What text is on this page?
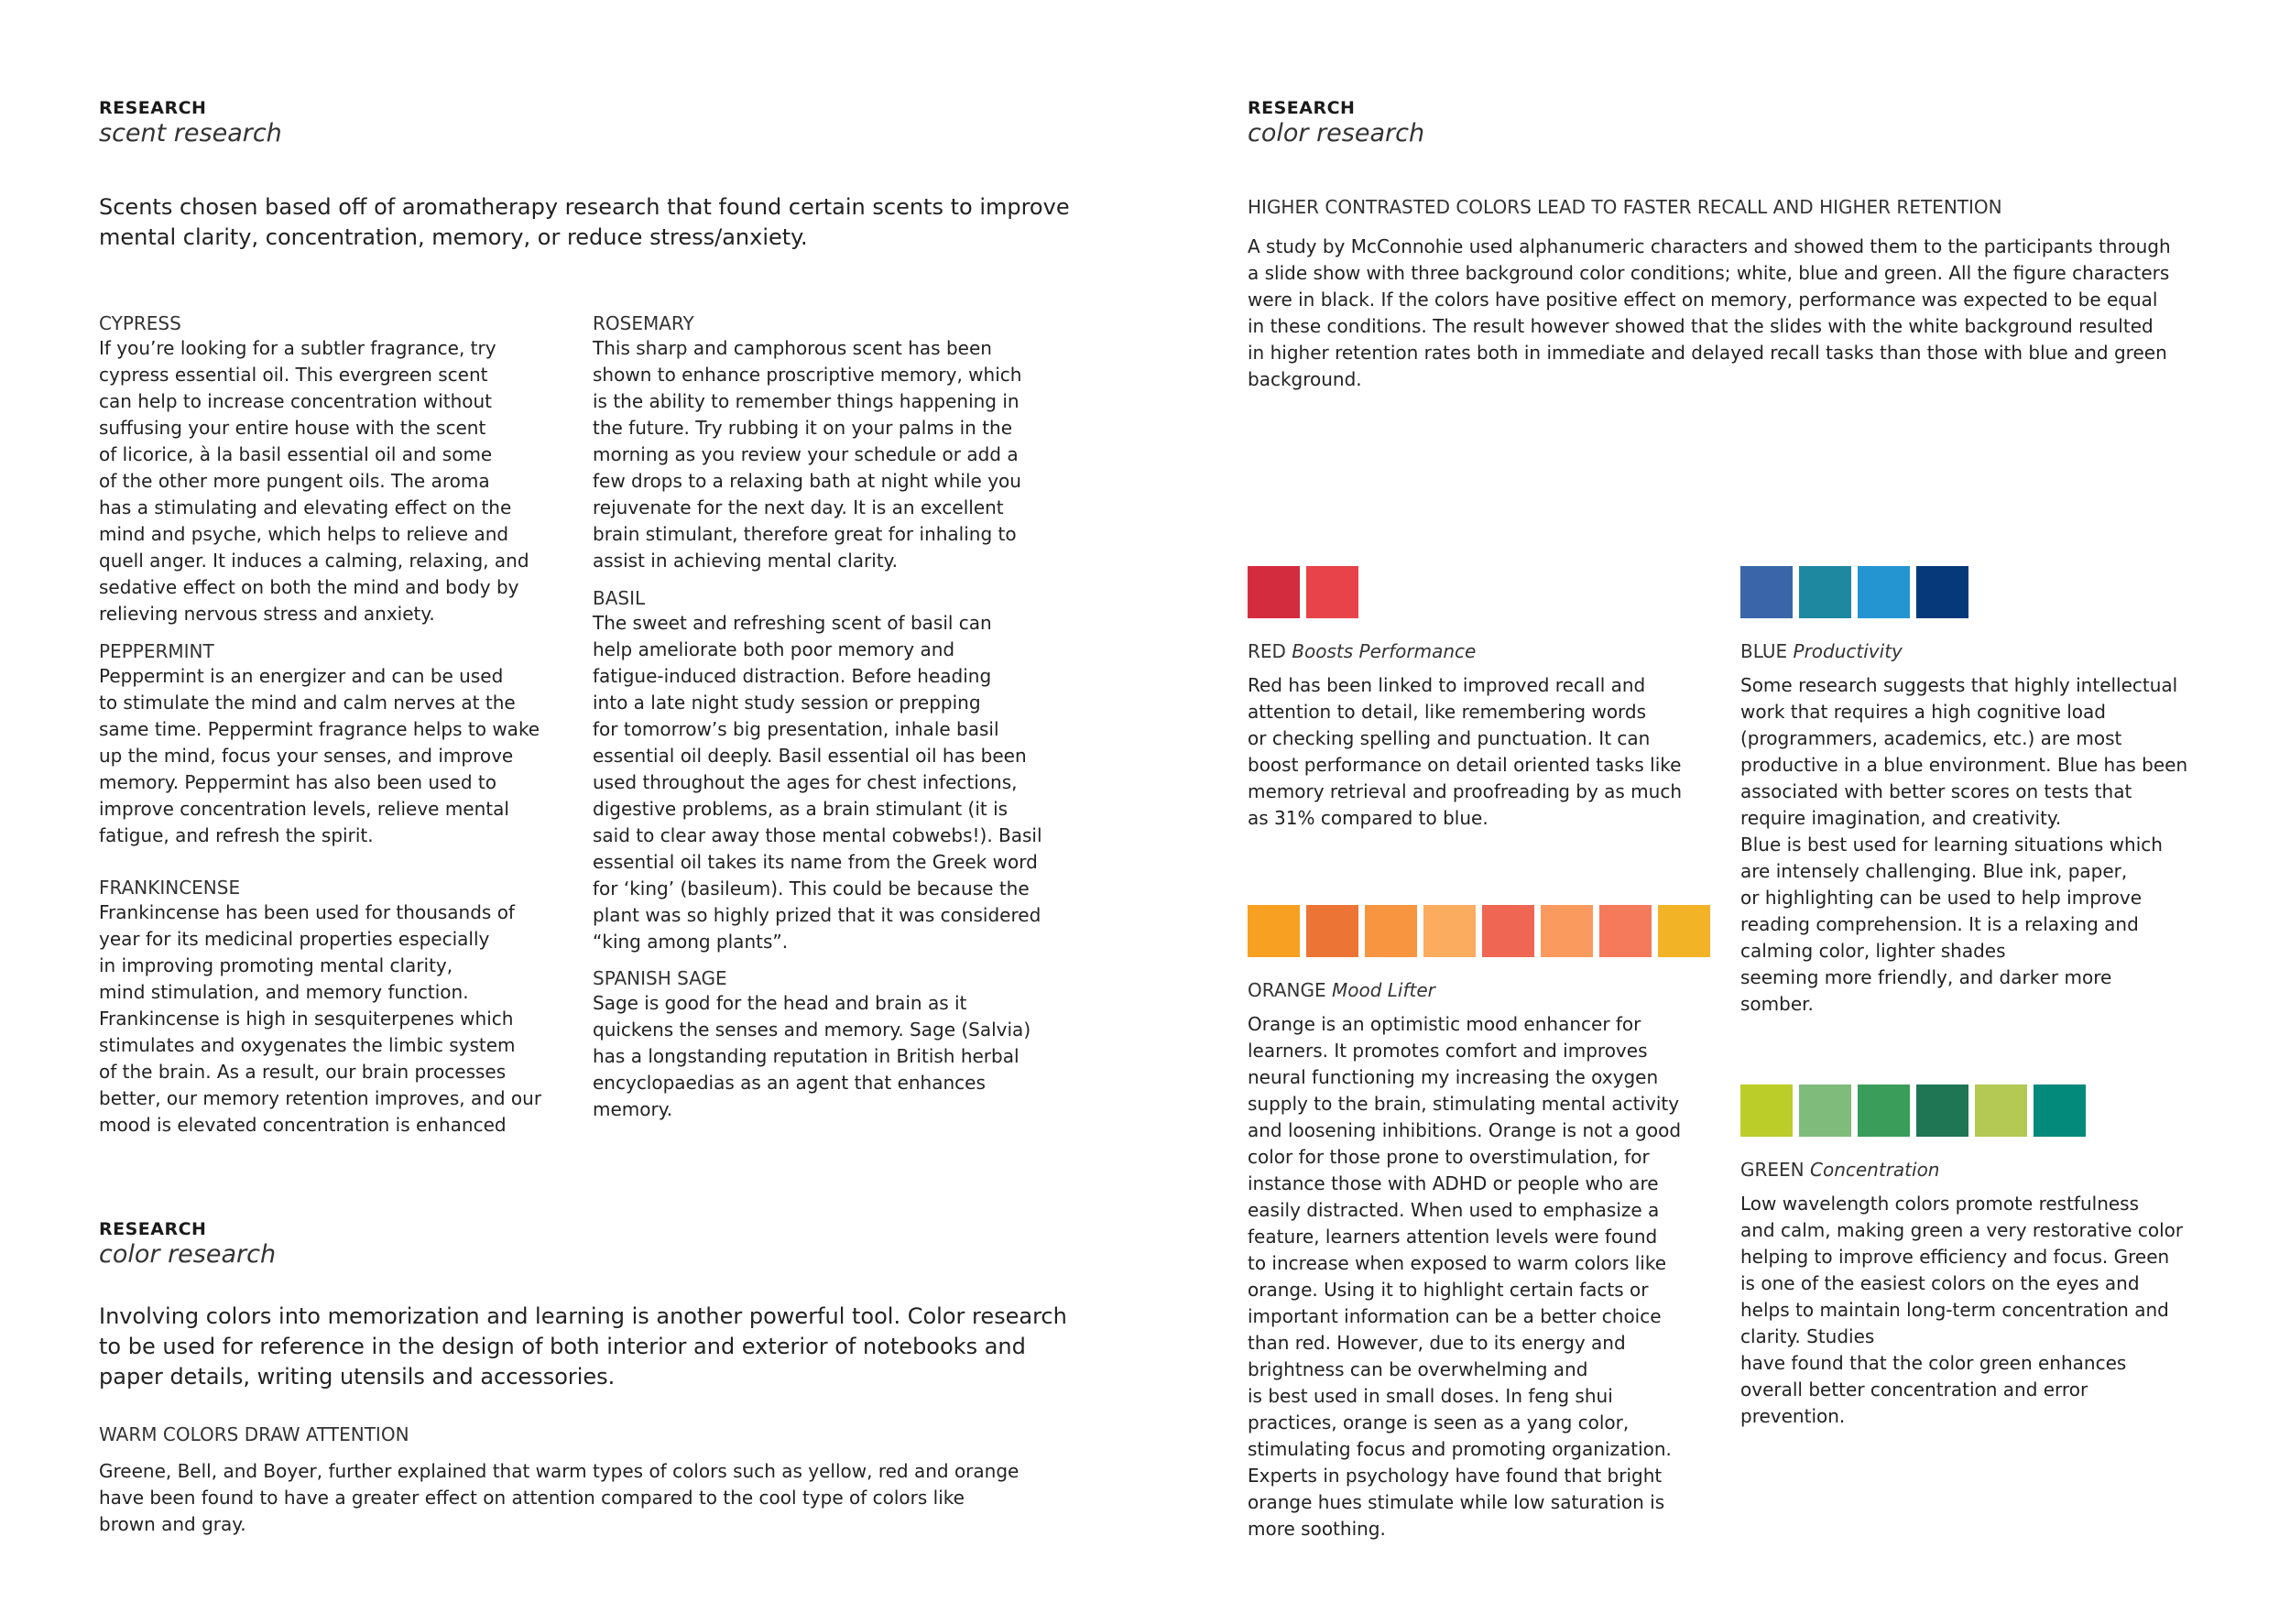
RESEARCH
scent research
Scents chosen based off of aromatherapy research that found certain scents to improve mental clarity, concentration, memory, or reduce stress/anxiety.
CYPRESS
If you’re looking for a subtler fragrance, try
cypress essential oil. This evergreen scent
can help to increase concentration without
suffusing your entire house with the scent
of licorice, à la basil essential oil and some
of the other more pungent oils. The aroma
has a stimulating and elevating effect on the
mind and psyche, which helps to relieve and
quell anger. It induces a calming, relaxing, and
sedative effect on both the mind and body by
relieving nervous stress and anxiety.
PEPPERMINT
Peppermint is an energizer and can be used
to stimulate the mind and calm nerves at the
same time. Peppermint fragrance helps to wake
up the mind, focus your senses, and improve
memory. Peppermint has also been used to
improve concentration levels, relieve mental
fatigue, and refresh the spirit.
FRANKINCENSE
Frankincense has been used for thousands of
year for its medicinal properties especially
in improving promoting mental clarity,
mind stimulation, and memory function.
Frankincense is high in sesquiterpenes which
stimulates and oxygenates the limbic system
of the brain. As a result, our brain processes
better, our memory retention improves, and our
mood is elevated concentration is enhanced
ROSEMARY
This sharp and camphorous scent has been
shown to enhance proscriptive memory, which
is the ability to remember things happening in
the future. Try rubbing it on your palms in the
morning as you review your schedule or add a
few drops to a relaxing bath at night while you
rejuvenate for the next day. It is an excellent
brain stimulant, therefore great for inhaling to
assist in achieving mental clarity.
BASIL
The sweet and refreshing scent of basil can
help ameliorate both poor memory and
fatigue-induced distraction. Before heading
into a late night study session or prepping
for tomorrow’s big presentation, inhale basil
essential oil deeply. Basil essential oil has been
used throughout the ages for chest infections,
digestive problems, as a brain stimulant (it is
said to clear away those mental cobwebs!). Basil
essential oil takes its name from the Greek word
for ‘king’ (basileum). This could be because the
plant was so highly prized that it was considered
“king among plants”.
SPANISH SAGE
Sage is good for the head and brain as it
quickens the senses and memory. Sage (Salvia)
has a longstanding reputation in British herbal
encyclopaedias as an agent that enhances
memory.
RESEARCH
color research
Involving colors into memorization and learning is another powerful tool. Color research to be used for reference in the design of both interior and exterior of notebooks and paper details, writing utensils and accessories.
WARM COLORS DRAW ATTENTION
Greene, Bell, and Boyer, further explained that warm types of colors such as yellow, red and orange
have been found to have a greater effect on attention compared to the cool type of colors like
brown and gray.
RESEARCH
color research
HIGHER CONTRASTED COLORS LEAD TO FASTER RECALL AND HIGHER RETENTION
A study by McConnohie used alphanumeric characters and showed them to the participants through
a slide show with three background color conditions; white, blue and green. All the figure characters
were in black. If the colors have positive effect on memory, performance was expected to be equal
in these conditions. The result however showed that the slides with the white background resulted
in higher retention rates both in immediate and delayed recall tasks than those with blue and green
background.
RED Boosts Performance
Red has been linked to improved recall and
attention to detail, like remembering words
or checking spelling and punctuation. It can
boost performance on detail oriented tasks like
memory retrieval and proofreading by as much
as 31% compared to blue.
ORANGE Mood Lifter
Orange is an optimistic mood enhancer for
learners. It promotes comfort and improves
neural functioning my increasing the oxygen
supply to the brain, stimulating mental activity
and loosening inhibitions. Orange is not a good
color for those prone to overstimulation, for
instance those with ADHD or people who are
easily distracted. When used to emphasize a
feature, learners attention levels were found
to increase when exposed to warm colors like
orange. Using it to highlight certain facts or
important information can be a better choice
than red. However, due to its energy and
brightness can be overwhelming and
is best used in small doses. In feng shui
practices, orange is seen as a yang color,
stimulating focus and promoting organization.
Experts in psychology have found that bright
orange hues stimulate while low saturation is
more soothing.
BLUE Productivity
Some research suggests that highly intellectual
work that requires a high cognitive load
(programmers, academics, etc.) are most
productive in a blue environment. Blue has been
associated with better scores on tests that
require imagination, and creativity.
Blue is best used for learning situations which
are intensely challenging. Blue ink, paper,
or highlighting can be used to help improve
reading comprehension. It is a relaxing and
calming color, lighter shades
seeming more friendly, and darker more
somber.
GREEN Concentration
Low wavelength colors promote restfulness
and calm, making green a very restorative color
helping to improve efficiency and focus. Green
is one of the easiest colors on the eyes and
helps to maintain long-term concentration and
clarity. Studies
have found that the color green enhances
overall better concentration and error
prevention.
